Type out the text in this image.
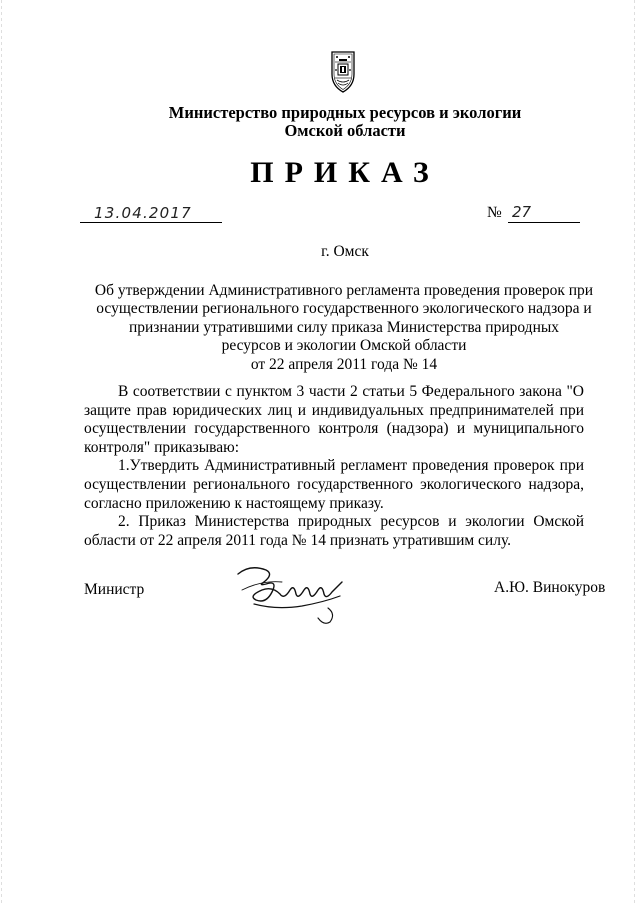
Министерство природных ресурсов и экологии
Омской области
ПРИКАЗ
13.04.2017	№ 27
г. Омск
Об утверждении Административного регламента проведения проверок при
осуществлении регионального государственного экологического надзора и
признании утратившими силу приказа Министерства природных
ресурсов и экологии Омской области
от 22 апреля 2011 года № 14
В соответствии с пунктом 3 части 2 статьи 5 Федерального закона "О защите прав юридических лиц и индивидуальных предпринимателей при осуществлении государственного контроля (надзора) и муниципального контроля" приказываю:
1.Утвердить Административный регламент проведения проверок при осуществлении регионального государственного экологического надзора, согласно приложению к настоящему приказу.
2. Приказ Министерства природных ресурсов и экологии Омской области от 22 апреля 2011 года № 14 признать утратившим силу.
Министр	А.Ю. Винокуров
